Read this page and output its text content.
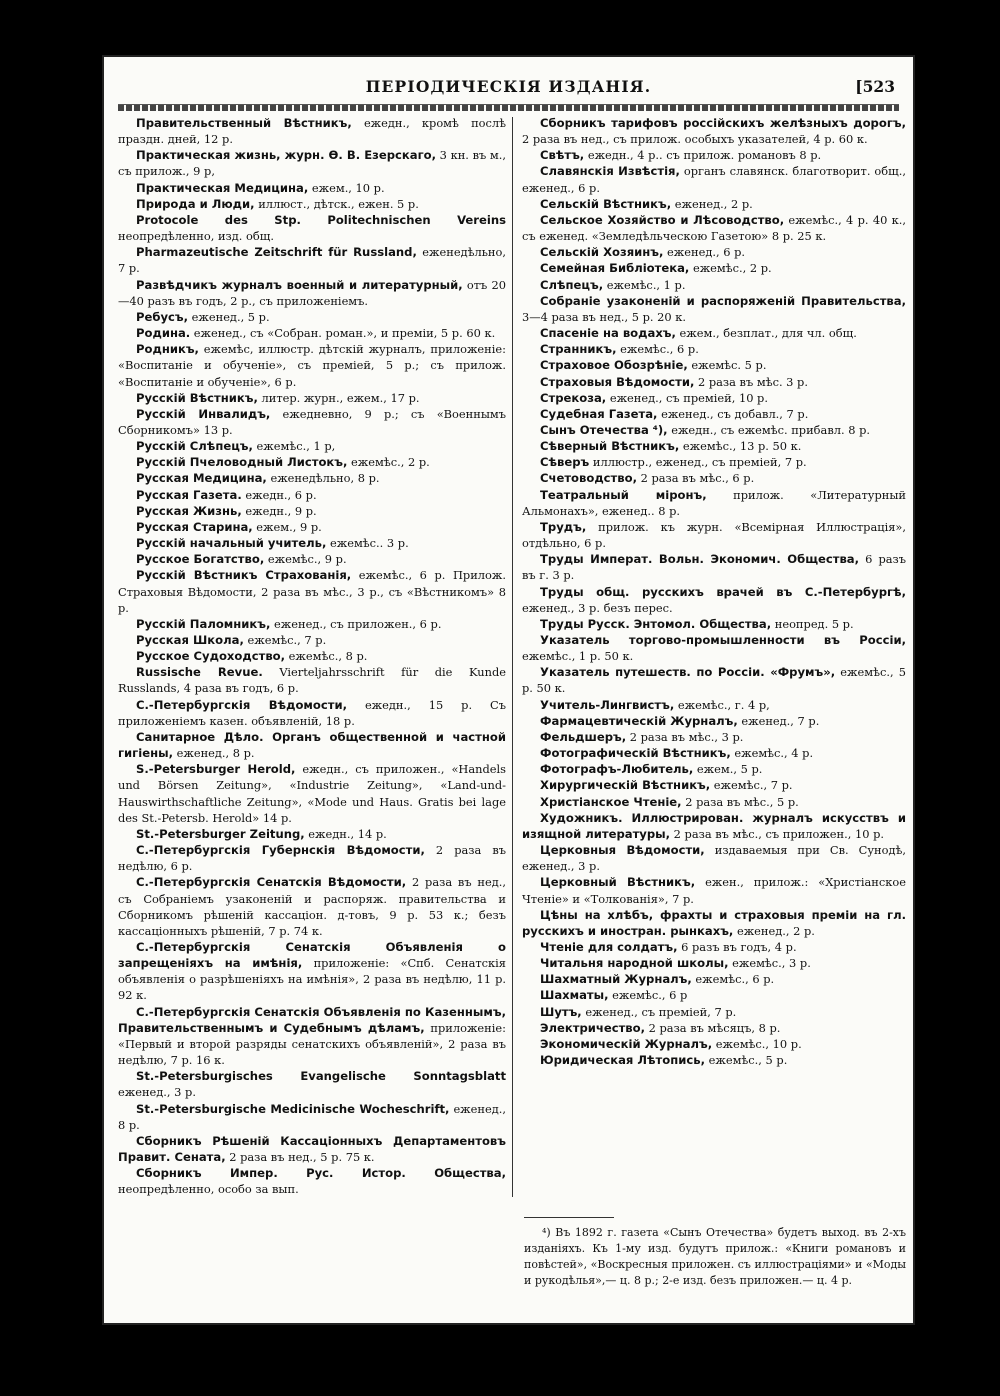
ПЕРІОДИЧЕСКІЯ ИЗДАНІЯ.	[523

Правительственный Вѣстникъ, ежедн., кромѣ послѣ праздн. дней, 12 р.

Практическая жизнь, журн. Ѳ. В. Езерскаго, 3 кн. въ м., съ прилож., 9 р,

Практическая Медицина, ежем., 10 р.

Природа и Люди, иллюст., дѣтск., ежен. 5 р.

Protocole des Stp. Politechnischen Vereins неопредѣленно, изд. общ.

Pharmazeutische Zeitschrift für Russland, еженедѣльно, 7 р.

Развѣдчикъ журналъ военный и литературный, отъ 20—40 разъ въ годъ, 2 р., съ приложеніемъ.

Ребусъ, еженед., 5 р.

Родина. еженед., съ «Собран. роман.», и преміи, 5 р. 60 к.

Родникъ, ежемѣс, иллюстр. дѣтскій журналъ, приложеніе: «Воспитаніе и обученіе», съ преміей, 5 р.; съ прилож. «Воспитаніе и обученіе», 6 р.

Русскій Вѣстникъ, литер. журн., ежем., 17 р.

Русскій Инвалидъ, ежедневно, 9 р.; съ «Военнымъ Сборникомъ» 13 р.

Русскій Слѣпецъ, ежемѣс., 1 р,

Русскій Пчеловодный Листокъ, ежемѣс., 2 р.

Русская Медицина, еженедѣльно, 8 р.

Русская Газета. ежедн., 6 р.

Русская Жизнь, ежедн., 9 р.

Русская Старина, ежем., 9 р.

Русскій начальный учитель, ежемѣс.. 3 р.

Русское Богатство, ежемѣс., 9 р.

Русскій Вѣстникъ Страхованія, ежемѣс., 6 р. Прилож. Страховыя Вѣдомости, 2 раза въ мѣс., 3 р., съ «Вѣстникомъ» 8 р.

Русскій Паломникъ, еженед., съ приложен., 6 р.

Русская Школа, ежемѣс., 7 р.

Русское Судоходство, ежемѣс., 8 р.

Russische Revue. Vierteljahrsschrift für die Kunde Russlands, 4 раза въ годъ, 6 р.

С.-Петербургскія Вѣдомости, ежедн., 15 р. Съ приложеніемъ казен. объявленій, 18 р.

Санитарное Дѣло. Органъ общественной и частной гигіены, еженед., 8 р.

S.-Petersburger Herold, ежедн., съ приложен., «Handels und Börsen Zeitung», «Industrie Zeitung», «Land-und-Hauswirthschaftliche Zeitung», «Mode und Haus. Gratis bei lage des St.-Petersb. Herold» 14 р.

St.-Petersburger Zeitung, ежедн., 14 р.

С.-Петербургскія Губернскія Вѣдомости, 2 раза въ недѣлю, 6 р.

С.-Петербургскія Сенатскія Вѣдомости, 2 раза въ нед., съ Собраніемъ узаконеній и распоряж. правительства и Сборникомъ рѣшеній кассаціон. д-товъ, 9 р. 53 к.; безъ кассаціонныхъ рѣшеній, 7 р. 74 к.

С.-Петербургскія Сенатскія Объявленія о запрещеніяхъ на имѣнія, приложеніе: «Спб. Сенатскія объявленія о разрѣшеніяхъ на имѣнія», 2 раза въ недѣлю, 11 р. 92 к.

С.-Петербургскія Сенатскія Объявленія по Казеннымъ, Правительственнымъ и Судебнымъ дѣламъ, приложеніе: «Первый и второй разряды сенатскихъ объявленій», 2 раза въ недѣлю, 7 р. 16 к.

St.-Petersburgisches Evangelische Sonntagsblatt еженед., 3 р.

St.-Petersburgische Medicinische Wocheschrift, еженед., 8 р.

Сборникъ Рѣшеній Кассаціонныхъ Департаментовъ Правит. Сената, 2 раза въ нед., 5 р. 75 к.

Сборникъ Импер. Рус. Истор. Общества, неопредѣленно, особо за вып.

Сборникъ тарифовъ россійскихъ желѣзныхъ дорогъ, 2 раза въ нед., съ прилож. особыхъ указателей, 4 р. 60 к.

Свѣтъ, ежедн., 4 р.. съ прилож. романовъ 8 р.

Славянскія Извѣстія, органъ славянск. благотворит. общ., еженед., 6 р.

Сельскій Вѣстникъ, еженед., 2 р.

Сельское Хозяйство и Лѣсоводство, ежемѣс., 4 р. 40 к., съ еженед. «Земледѣльческою Газетою» 8 р. 25 к.

Сельскій Хозяинъ, еженед., 6 р.

Семейная Библіотека, ежемѣс., 2 р.

Слѣпецъ, ежемѣс., 1 р.

Собраніе узаконеній и распоряженій Правительства, 3—4 раза въ нед., 5 р. 20 к.

Спасеніе на водахъ, ежем., безплат., для чл. общ.

Странникъ, ежемѣс., 6 р.

Страховое Обозрѣніе, ежемѣс. 5 р.

Страховыя Вѣдомости, 2 раза въ мѣс. 3 р.

Стрекоза, еженед., съ преміей, 10 р.

Судебная Газета, еженед., съ добавл., 7 р.

Сынъ Отечества ⁴), ежедн., съ ежемѣс. прибавл. 8 р.

Сѣверный Вѣстникъ, ежемѣс., 13 р. 50 к.

Сѣверъ иллюстр., еженед., съ преміей, 7 р.

Счетоводство, 2 раза въ мѣс., 6 р.

Театральный міронъ, прилож. «Литературный Альмонахъ», еженед.. 8 р.

Трудъ, прилож. къ журн. «Всемірная Иллюстрація», отдѣльно, 6 р.

Труды Императ. Вольн. Экономич. Общества, 6 разъ въ г. 3 р.

Труды общ. русскихъ врачей въ С.-Петербургѣ, еженед., 3 р. безъ перес.

Труды Русск. Энтомол. Общества, неопред. 5 р.

Указатель торгово-промышленности въ Россіи, ежемѣс., 1 р. 50 к.

Указатель путешеств. по Россіи. «Фрумъ», ежемѣс., 5 р. 50 к.

Учитель-Лингвистъ, ежемѣс., г. 4 р,

Фармацевтическій Журналъ, еженед., 7 р.

Фельдшеръ, 2 раза въ мѣс., 3 р.

Фотографическій Вѣстникъ, ежемѣс., 4 р.

Фотографъ-Любитель, ежем., 5 р.

Хирургическій Вѣстникъ, ежемѣс., 7 р.

Христіанское Чтеніе, 2 раза въ мѣс., 5 р.

Художникъ. Иллюстрирован. журналъ искусствъ и изящной литературы, 2 раза въ мѣс., съ приложен., 10 р.

Церковныя Вѣдомости, издаваемыя при Св. Сунодѣ, еженед., 3 р.

Церковный Вѣстникъ, ежен., прилож.: «Христіанское Чтеніе» и «Толкованія», 7 р.

Цѣны на хлѣбъ, фрахты и страховыя преміи на гл. русскихъ и иностран. рынкахъ, еженед., 2 р.

Чтеніе для солдатъ, 6 разъ въ годъ, 4 р.

Читальня народной школы, ежемѣс., 3 р.

Шахматный Журналъ, ежемѣс., 6 р.

Шахматы, ежемѣс., 6 р

Шутъ, еженед., съ преміей, 7 р.

Электричество, 2 раза въ мѣсяцъ, 8 р.

Экономическій Журналъ, ежемѣс., 10 р.

Юридическая Лѣтопись, ежемѣс., 5 р.

⁴) Въ 1892 г. газета «Сынъ Отечества» будетъ выход. въ 2-хъ изданіяхъ. Къ 1-му изд. будутъ прилож.: «Книги романовъ и повѣстей», «Воскресныя приложен. съ иллюстраціями» и «Моды и рукодѣлья»,— ц. 8 р.; 2-е изд. безъ приложен.— ц. 4 р.
